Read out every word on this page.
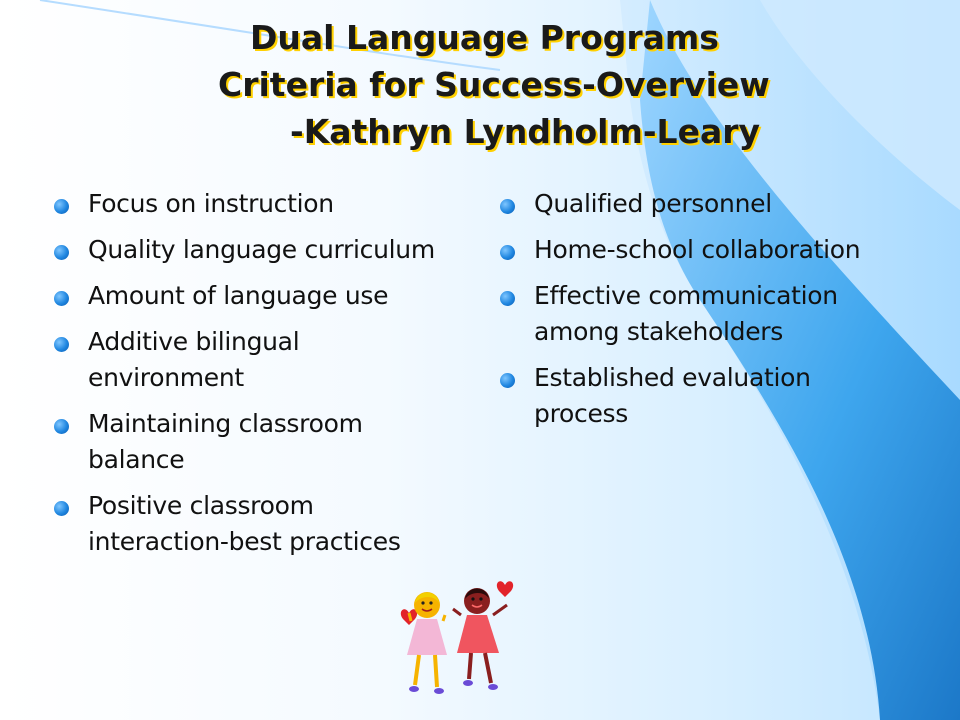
Dual Language Programs
Criteria for Success-Overview
-Kathryn Lyndholm-Leary
Focus on instruction
Quality language curriculum
Amount of language use
Additive bilingual environment
Maintaining classroom balance
Positive classroom interaction-best practices
Qualified personnel
Home-school collaboration
Effective communication among stakeholders
Established evaluation process
